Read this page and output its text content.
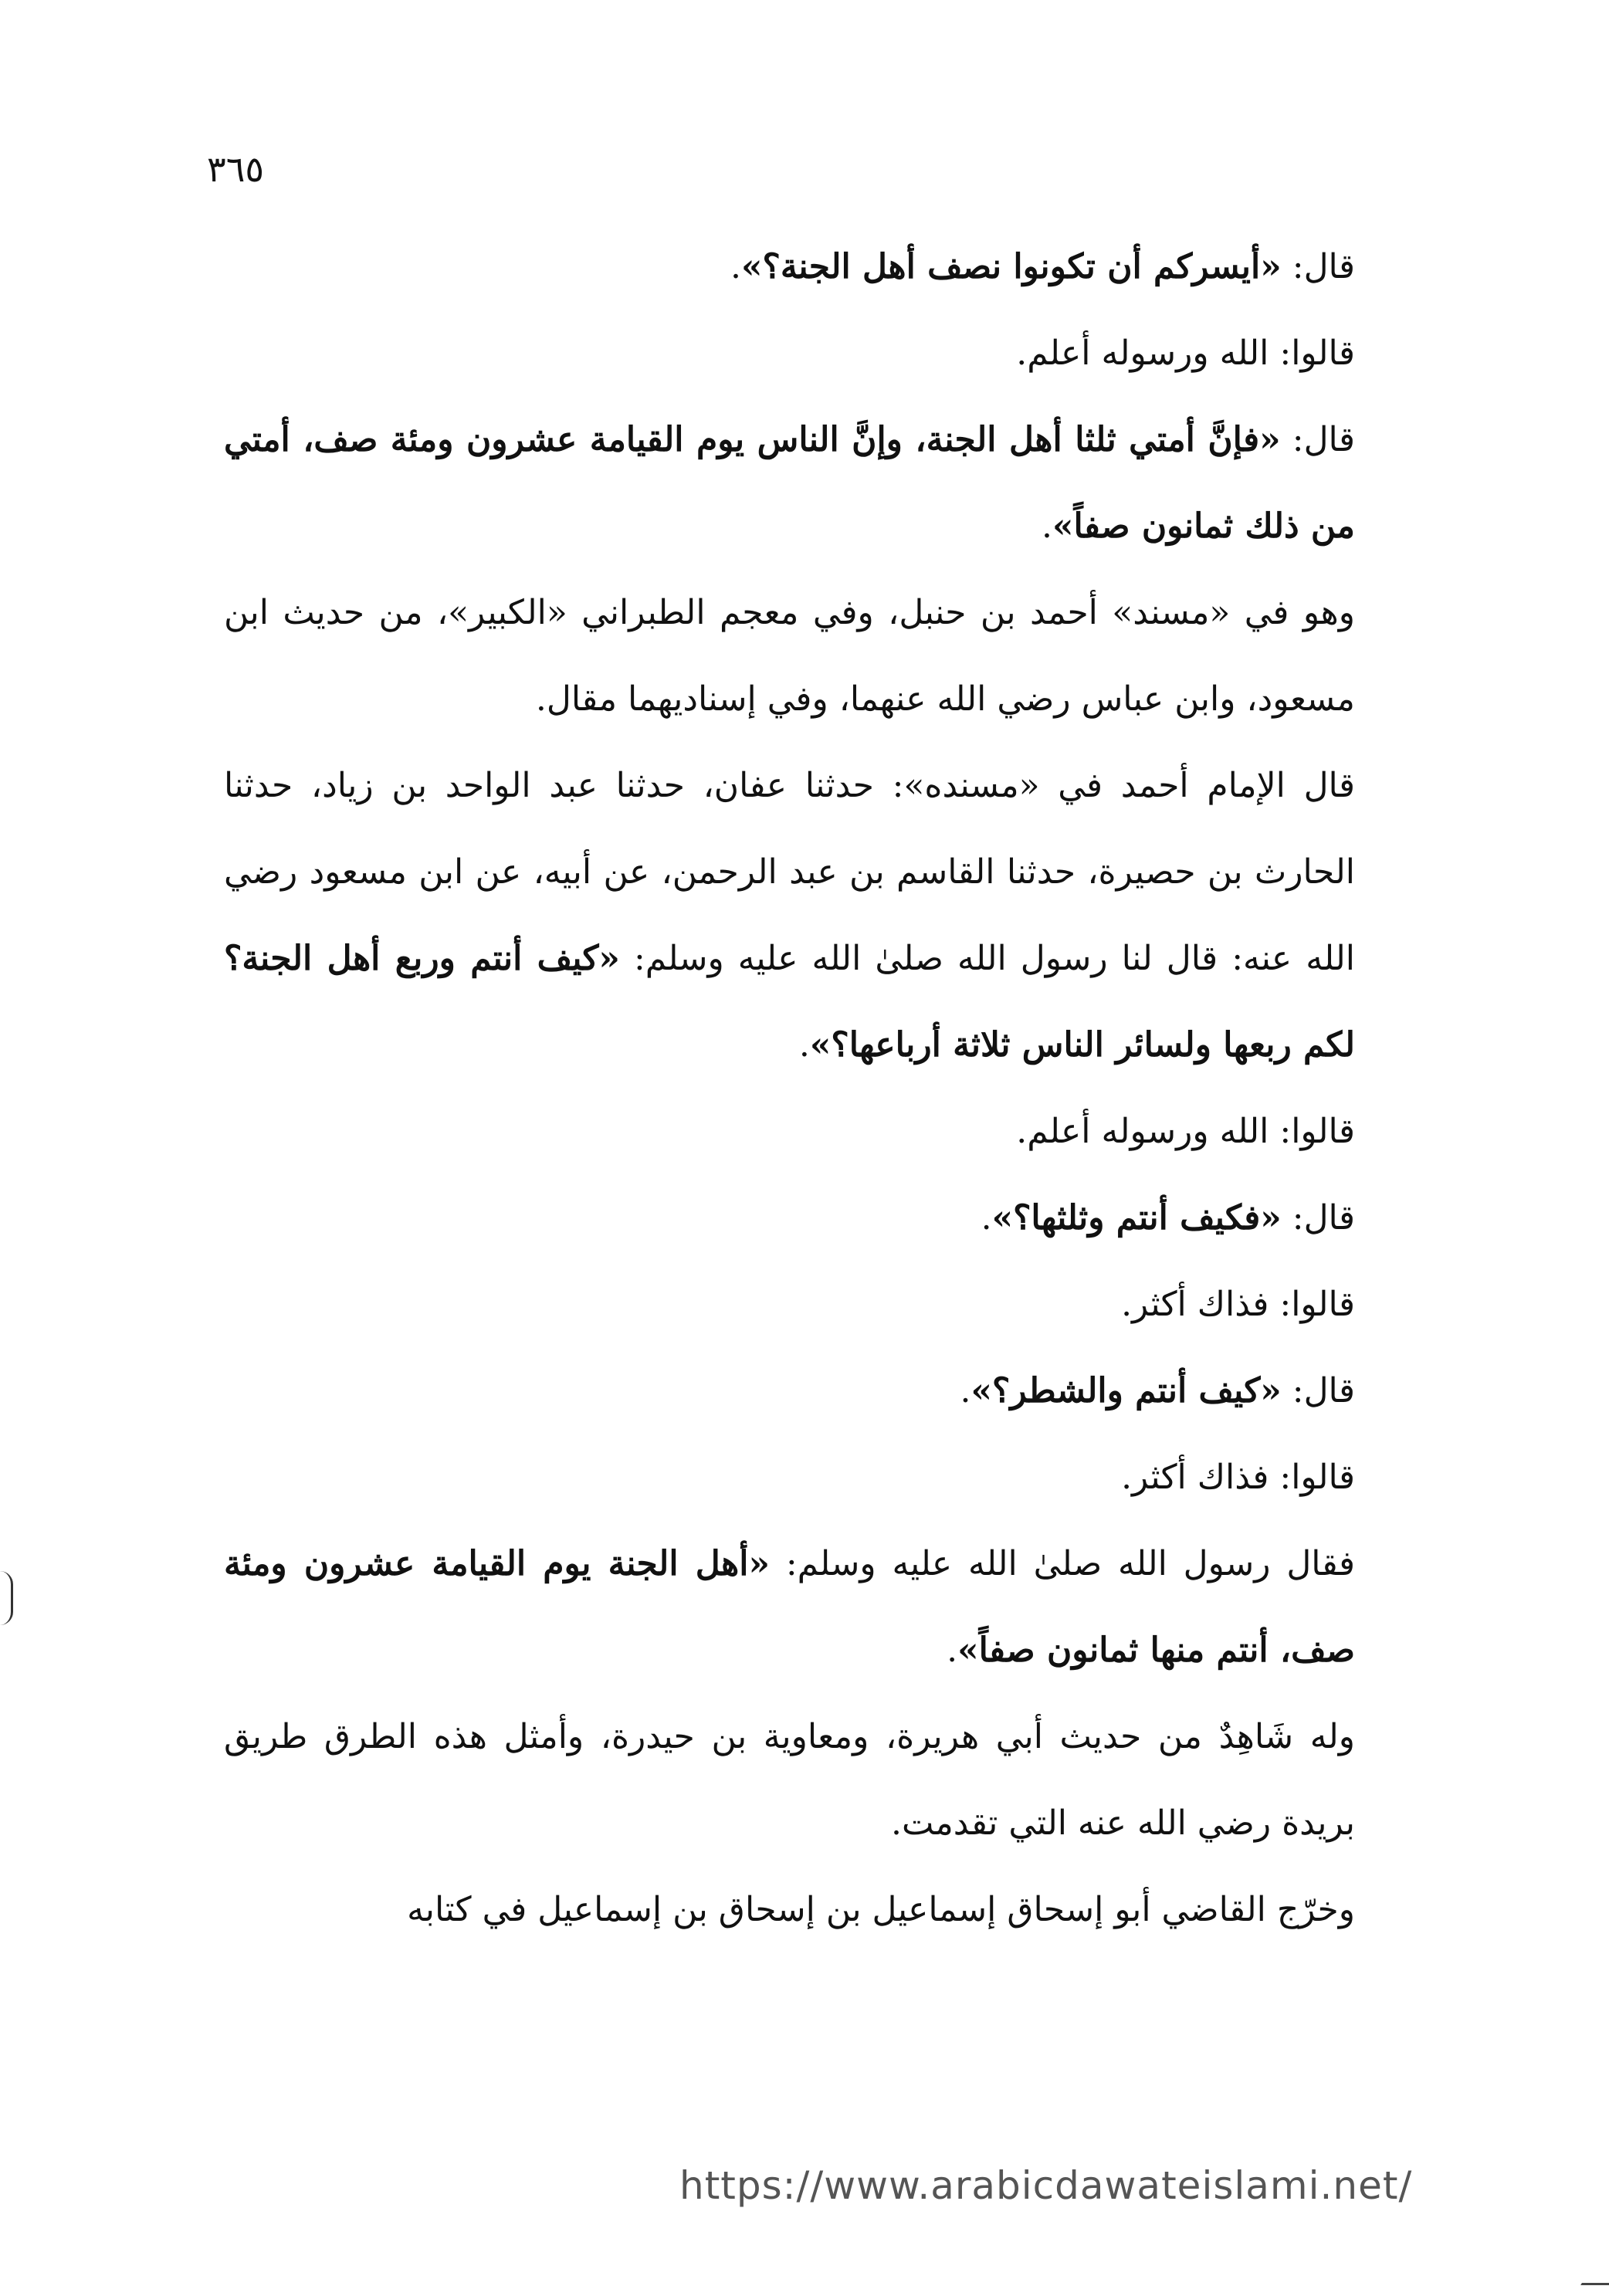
٣٦٥

قال: «أيسركم أن تكونوا نصف أهل الجنة؟».

قالوا: الله ورسوله أعلم.

قال: «فإنَّ أمتي ثلثا أهل الجنة، وإنَّ الناس يوم القيامة عشرون ومئة صف، أمتي من ذلك ثمانون صفاً».

وهو في «مسند» أحمد بن حنبل، وفي معجم الطبراني «الكبير»، من حديث ابن مسعود، وابن عباس رضي الله عنهما، وفي إسناديهما مقال.

قال الإمام أحمد في «مسنده»: حدثنا عفان، حدثنا عبد الواحد بن زياد، حدثنا الحارث بن حصيرة، حدثنا القاسم بن عبد الرحمن، عن أبيه، عن ابن مسعود رضي الله عنه: قال لنا رسول الله صلىٰ الله عليه وسلم: «كيف أنتم وربع أهل الجنة؟ لكم ربعها ولسائر الناس ثلاثة أرباعها؟».

قالوا: الله ورسوله أعلم.

قال: «فكيف أنتم وثلثها؟».

قالوا: فذاك أكثر.

قال: «كيف أنتم والشطر؟».

قالوا: فذاك أكثر.

فقال رسول الله صلىٰ الله عليه وسلم: «أهل الجنة يوم القيامة عشرون ومئة صف، أنتم منها ثمانون صفاً».

وله شَاهِدٌ من حديث أبي هريرة، ومعاوية بن حيدرة، وأمثل هذه الطرق طريق بريدة رضي الله عنه التي تقدمت.

وخرّج القاضي أبو إسحاق إسماعيل بن إسحاق بن إسماعيل في كتابه

https://www.arabicdawateislami.net/
